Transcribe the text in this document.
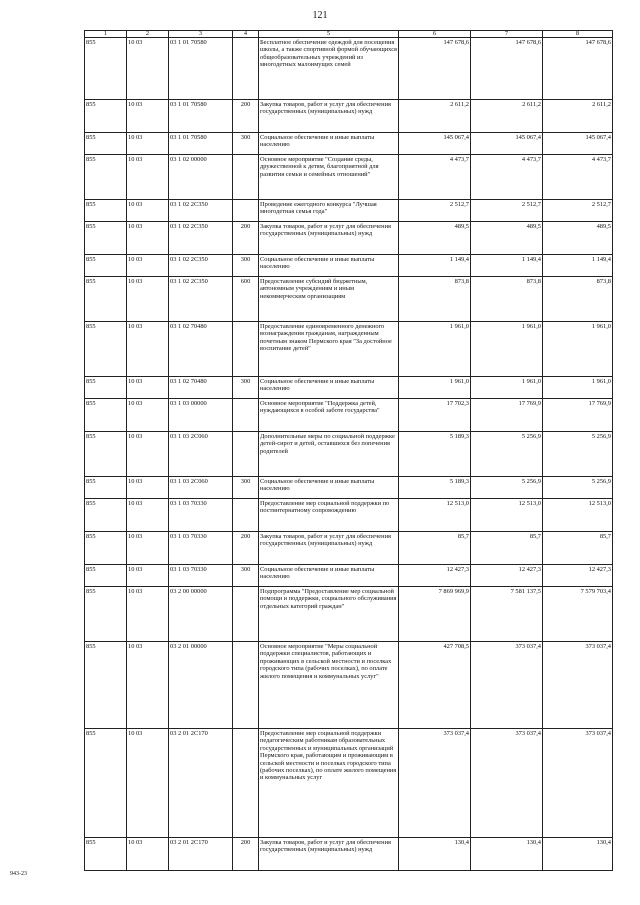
121
1	2	3	4	5	6	7	8
855	10 03	03 1 01 70580		Бесплатное обеспечение одеждой для посещения школы, а также спортивной формой обучающихся общеобразовательных учреждений из многодетных малоимущих семей	147 678,6	147 678,6	147 678,6
855	10 03	03 1 01 70580	200	Закупка товаров, работ и услуг для обеспечения государственных (муниципальных) нужд	2 611,2	2 611,2	2 611,2
855	10 03	03 1 01 70580	300	Социальное обеспечение и иные выплаты населению	145 067,4	145 067,4	145 067,4
855	10 03	03 1 02 00000		Основное мероприятие "Создание среды, дружественной к детям, благоприятной для развития семьи и семейных отношений"	4 473,7	4 473,7	4 473,7
855	10 03	03 1 02 2С350		Проведение ежегодного конкурса "Лучшая многодетная семья года"	2 512,7	2 512,7	2 512,7
855	10 03	03 1 02 2С350	200	Закупка товаров, работ и услуг для обеспечения государственных (муниципальных) нужд	489,5	489,5	489,5
855	10 03	03 1 02 2С350	300	Социальное обеспечение и иные выплаты населению	1 149,4	1 149,4	1 149,4
855	10 03	03 1 02 2С350	600	Предоставление субсидий бюджетным, автономным учреждениям и иным некоммерческим организациям	873,8	873,8	873,8
855	10 03	03 1 02 70480		Предоставление единовременного денежного вознаграждения гражданам, награжденным почетным знаком Пермского края "За достойное воспитание детей"	1 961,0	1 961,0	1 961,0
855	10 03	03 1 02 70480	300	Социальное обеспечение и иные выплаты населению	1 961,0	1 961,0	1 961,0
855	10 03	03 1 03 00000		Основное мероприятие "Поддержка детей, нуждающихся в особой заботе государства"	17 702,3	17 769,9	17 769,9
855	10 03	03 1 03 2С060		Дополнительные меры по социальной поддержке детей-сирот и детей, оставшихся без попечения родителей	5 189,3	5 256,9	5 256,9
855	10 03	03 1 03 2С060	300	Социальное обеспечение и иные выплаты населению	5 189,3	5 256,9	5 256,9
855	10 03	03 1 03 70330		Предоставление мер социальной поддержки по постинтернатному сопровождению	12 513,0	12 513,0	12 513,0
855	10 03	03 1 03 70330	200	Закупка товаров, работ и услуг для обеспечения государственных (муниципальных) нужд	85,7	85,7	85,7
855	10 03	03 1 03 70330	300	Социальное обеспечение и иные выплаты населению	12 427,3	12 427,3	12 427,3
855	10 03	03 2 00 00000		Подпрограмма "Предоставление мер социальной помощи и поддержки, социального обслуживания отдельных категорий граждан"	7 869 969,9	7 581 137,5	7 579 703,4
855	10 03	03 2 01 00000		Основное мероприятие "Меры социальной поддержки специалистов, работающих и проживающих в сельской местности и поселках городского типа (рабочих поселках), по оплате жилого помещения и коммунальных услуг"	427 708,5	373 037,4	373 037,4
855	10 03	03 2 01 2С170		Предоставление мер социальной поддержки педагогическим работникам образовательных государственных и муниципальных организаций Пермского края, работающим и проживающим в сельской местности и поселках городского типа (рабочих поселках), по оплате жилого помещения и коммунальных услуг	373 037,4	373 037,4	373 037,4
855	10 03	03 2 01 2С170	200	Закупка товаров, работ и услуг для обеспечения государственных (муниципальных) нужд	130,4	130,4	130,4
943-23
